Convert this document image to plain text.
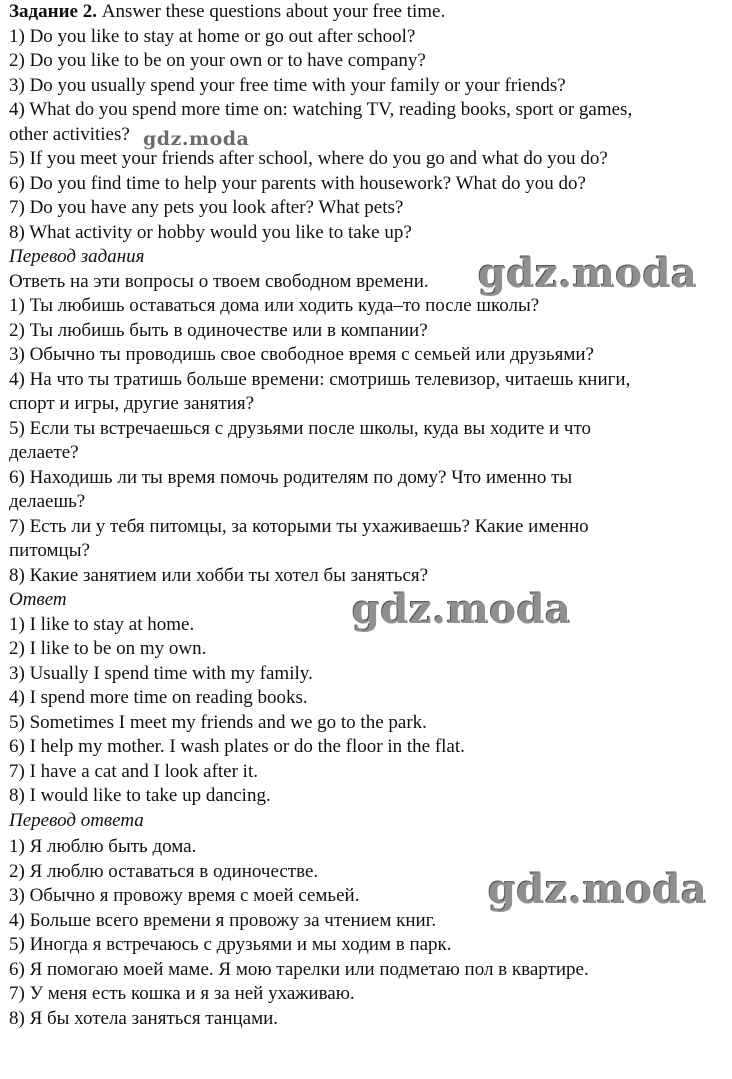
Задание 2. Answer these questions about your free time.
1) Do you like to stay at home or go out after school?
2) Do you like to be on your own or to have company?
3) Do you usually spend your free time with your family or your friends?
4) What do you spend more time on: watching TV, reading books, sport or games,
other activities?
5) If you meet your friends after school, where do you go and what do you do?
6) Do you find time to help your parents with housework? What do you do?
7) Do you have any pets you look after? What pets?
8) What activity or hobby would you like to take up?
Перевод задания
Ответь на эти вопросы о твоем свободном времени.
1) Ты любишь оставаться дома или ходить куда–то после школы?
2) Ты любишь быть в одиночестве или в компании?
3) Обычно ты проводишь свое свободное время с семьей или друзьями?
4) На что ты тратишь больше времени: смотришь телевизор, читаешь книги,
спорт и игры, другие занятия?
5) Если ты встречаешься с друзьями после школы, куда вы ходите и что
делаете?
6) Находишь ли ты время помочь родителям по дому? Что именно ты
делаешь?
7) Есть ли у тебя питомцы, за которыми ты ухаживаешь? Какие именно
питомцы?
8) Какие занятием или хобби ты хотел бы заняться?
Ответ
1) I like to stay at home.
2) I like to be on my own.
3) Usually I spend time with my family.
4) I spend more time on reading books.
5) Sometimes I meet my friends and we go to the park.
6) I help my mother. I wash plates or do the floor in the flat.
7) I have a cat and I look after it.
8) I would like to take up dancing.
Перевод ответа
1) Я люблю быть дома.
2) Я люблю оставаться в одиночестве.
3) Обычно я провожу время с моей семьей.
4) Больше всего времени я провожу за чтением книг.
5) Иногда я встречаюсь с друзьями и мы ходим в парк.
6) Я помогаю моей маме. Я мою тарелки или подметаю пол в квартире.
7) У меня есть кошка и я за ней ухаживаю.
8) Я бы хотела заняться танцами.
gdz.moda
gdz.moda
gdz.moda
gdz.moda
